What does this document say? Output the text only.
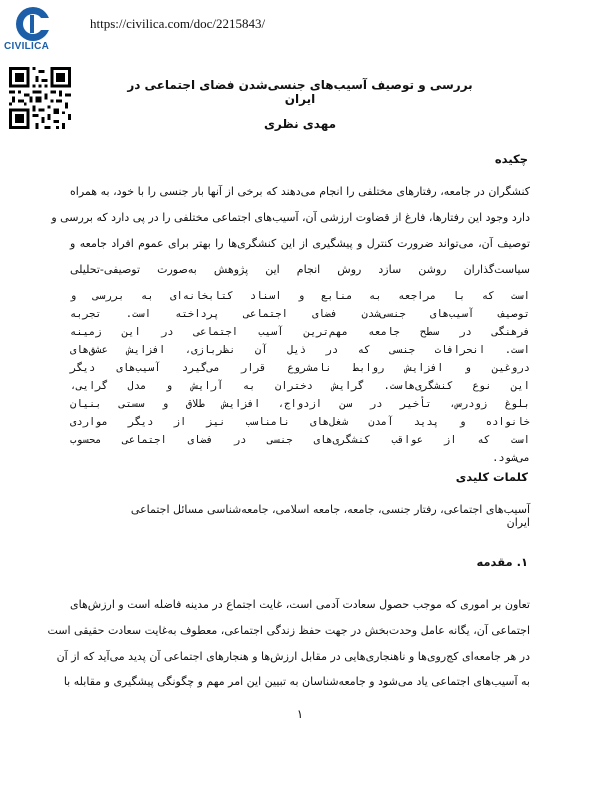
CIVILICA
https://civilica.com/doc/2215843/
بررسی و توصیف آسیب‌های جنسی‌شدن فضای اجتماعی در ایران
مهدی نظری
چکیده
کنشگران در جامعه، رفتارهای مختلفی را انجام می‌دهند که برخی از آنها بار جنسی را با خود، به همراه
دارد وجود این رفتارها، فارغ از قضاوت ارزشی آن، آسیب‌های اجتماعی مختلفی را در پی دارد که بررسی و
توصیف آن، می‌تواند ضرورت کنترل و پیشگیری از این کنشگری‌ها را بهتر برای عموم افراد جامعه و
سیاست‌گذاران روشن سازد روش انجام این پژوهش به‌صورت توصیفی-تحلیلی
است که با مراجعه به منابع و اسناد کتابخانه‌ای به بررسی و
توصیف آسیب‌های جنسی‌شدن فضای اجتماعی پرداخته است. تجربه
فرهنگی در سطح جامعه مهم‌ترین آسیب اجتماعی در این زمینه
است. انحرافات جنسی که در ذیل آن نظربازی، افزایش عشق‌های
دروغین و افزایش روابط نامشروع قرار می‌گیرد آسیب‌های دیگر
این نوع کنشگری‌هاست. گرایش دختران به آرایش و مدل گرایی،
بلوغ زودرس، تأخیر در سن ازدواج، افزایش طلاق و سستی بنیان
خانواده و پدید آمدن شغل‌های نامناسب نیز از دیگر مواردی
است که از عواقب کنشگری‌های جنسی در فضای اجتماعی محسوب
می‌شود.
کلمات کلیدی
آسیب‌های اجتماعی، رفتار جنسی، جامعه، جامعه اسلامی، جامعه‌شناسی مسائل اجتماعی ایران
۱. مقدمه
تعاون بر اموری که موجب حصول سعادت آدمی است، غایت اجتماع در مدینه فاضله است و ارزش‌های
اجتماعی آن، یگانه عامل وحدت‌بخش در جهت حفظ زندگی اجتماعی، معطوف به‌غایت سعادت حقیقی است
در هر جامعه‌ای کج‌روی‌ها و ناهنجاری‌هایی در مقابل ارزش‌ها و هنجارهای اجتماعی آن پدید می‌آید که از آن
به آسیب‌های اجتماعی یاد می‌شود و جامعه‌شناسان به تبیین این امر مهم و چگونگی پیشگیری و مقابله با
۱
